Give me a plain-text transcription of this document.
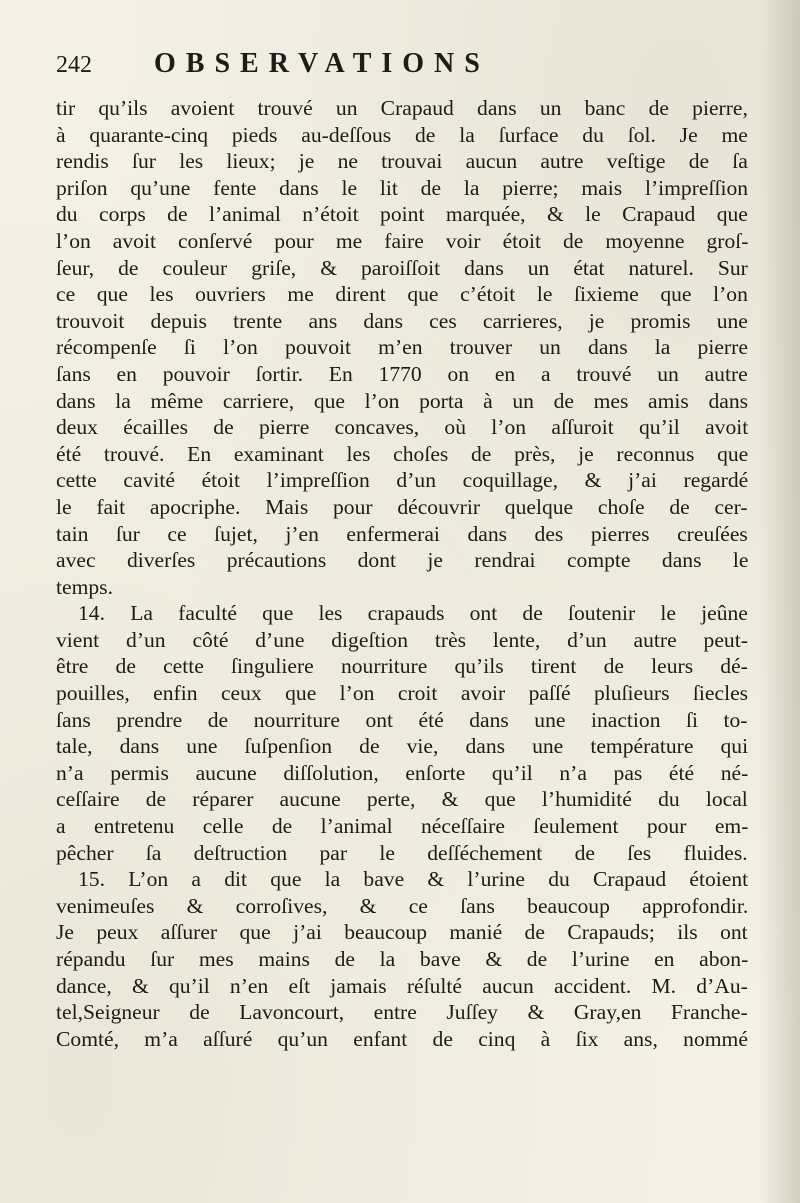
242 OBSERVATIONS
tir qu’ils avoient trouvé un Crapaud dans un banc de pierre,
à quarante-cinq pieds au-deſſous de la ſurface du ſol. Je me
rendis ſur les lieux; je ne trouvai aucun autre veſtige de ſa
priſon qu’une fente dans le lit de la pierre; mais l’impreſſion
du corps de l’animal n’étoit point marquée, & le Crapaud que
l’on avoit conſervé pour me faire voir étoit de moyenne groſ-
ſeur, de couleur griſe, & paroiſſoit dans un état naturel. Sur
ce que les ouvriers me dirent que c’étoit le ſixieme que l’on
trouvoit depuis trente ans dans ces carrieres, je promis une
récompenſe ſi l’on pouvoit m’en trouver un dans la pierre
ſans en pouvoir ſortir. En 1770 on en a trouvé un autre
dans la même carriere, que l’on porta à un de mes amis dans
deux écailles de pierre concaves, où l’on aſſuroit qu’il avoit
été trouvé. En examinant les choſes de près, je reconnus que
cette cavité étoit l’impreſſion d’un coquillage, & j’ai regardé
le fait apocriphe. Mais pour découvrir quelque choſe de cer-
tain ſur ce ſujet, j’en enfermerai dans des pierres creuſées
avec diverſes précautions dont je rendrai compte dans le
temps.
14. La faculté que les crapauds ont de ſoutenir le jeûne
vient d’un côté d’une digeſtion très lente, d’un autre peut-
être de cette ſinguliere nourriture qu’ils tirent de leurs dé-
pouilles, enfin ceux que l’on croit avoir paſſé pluſieurs ſiecles
ſans prendre de nourriture ont été dans une inaction ſi to-
tale, dans une ſuſpenſion de vie, dans une température qui
n’a permis aucune diſſolution, enſorte qu’il n’a pas été né-
ceſſaire de réparer aucune perte, & que l’humidité du local
a entretenu celle de l’animal néceſſaire ſeulement pour em-
pêcher ſa deſtruction par le deſſéchement de ſes fluides.
15. L’on a dit que la bave & l’urine du Crapaud étoient
venimeuſes & corroſives, & ce ſans beaucoup approfondir.
Je peux aſſurer que j’ai beaucoup manié de Crapauds; ils ont
répandu ſur mes mains de la bave & de l’urine en abon-
dance, & qu’il n’en eſt jamais réſulté aucun accident. M. d’Au-
tel,Seigneur de Lavoncourt, entre Juſſey & Gray,en Franche-
Comté, m’a aſſuré qu’un enfant de cinq à ſix ans, nommé
